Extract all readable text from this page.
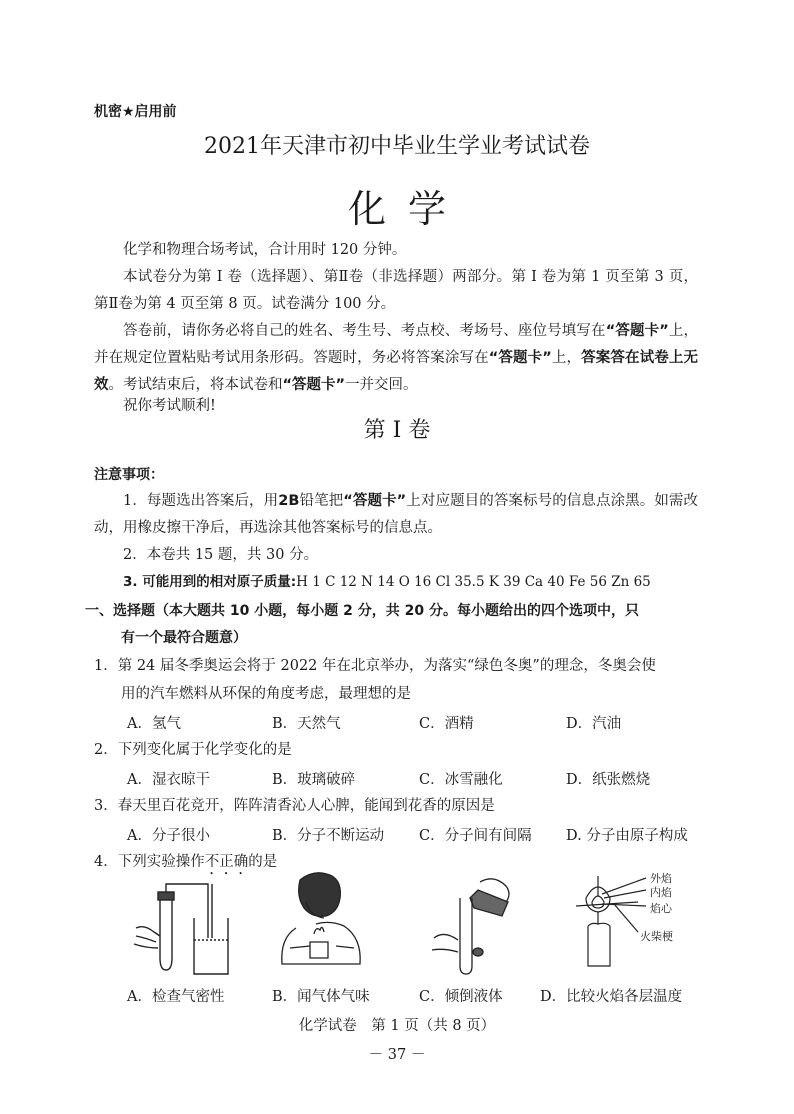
机密★启用前
2021年天津市初中毕业生学业考试试卷
化学
化学和物理合场考试，合计用时 120 分钟。
本试卷分为第 I 卷（选择题）、第Ⅱ卷（非选择题）两部分。第 I 卷为第 1 页至第 3 页，第Ⅱ卷为第 4 页至第 8 页。试卷满分 100 分。
答卷前，请你务必将自己的姓名、考生号、考点校、考场号、座位号填写在“答题卡”上，并在规定位置粘贴考试用条形码。答题时，务必将答案涂写在“答题卡”上，答案答在试卷上无效。考试结束后，将本试卷和“答题卡”一并交回。
祝你考试顺利!
第 I 卷
注意事项：
1．每题选出答案后，用2B铅笔把“答题卡”上对应题目的答案标号的信息点涂黑。如需改动，用橡皮擦干净后，再选涂其他答案标号的信息点。
2．本卷共 15 题，共 30 分。
3. 可能用到的相对原子质量:H 1 C 12 N 14 O 16 Cl 35.5 K 39 Ca 40 Fe 56 Zn 65
一、选择题（本大题共 10 小题，每小题 2 分，共 20 分。每小题给出的四个选项中，只
有一个最符合题意）
1．第 24 届冬季奥运会将于 2022 年在北京举办，为落实“绿色冬奥”的理念，冬奥会使
用的汽车燃料从环保的角度考虑，最理想的是
A．氢气	B．天然气	C．酒精	D．汽油
2．下列变化属于化学变化的是
A．湿衣晾干	B．玻璃破碎	C．冰雪融化	D．纸张燃烧
3．春天里百花竞开，阵阵清香沁人心脾，能闻到花香的原因是
A．分子很小	B．分子不断运动 C．分子间有间隔 D. 分子由原子构成
4．下列实验操作不正确的是
外焰
内焰
焰心
火柴梗
A．检查气密性	B．闻气体气味	C．倾倒液体	D．比较火焰各层温度
化学试卷　第 1 页（共 8 页）
－ 37 －
